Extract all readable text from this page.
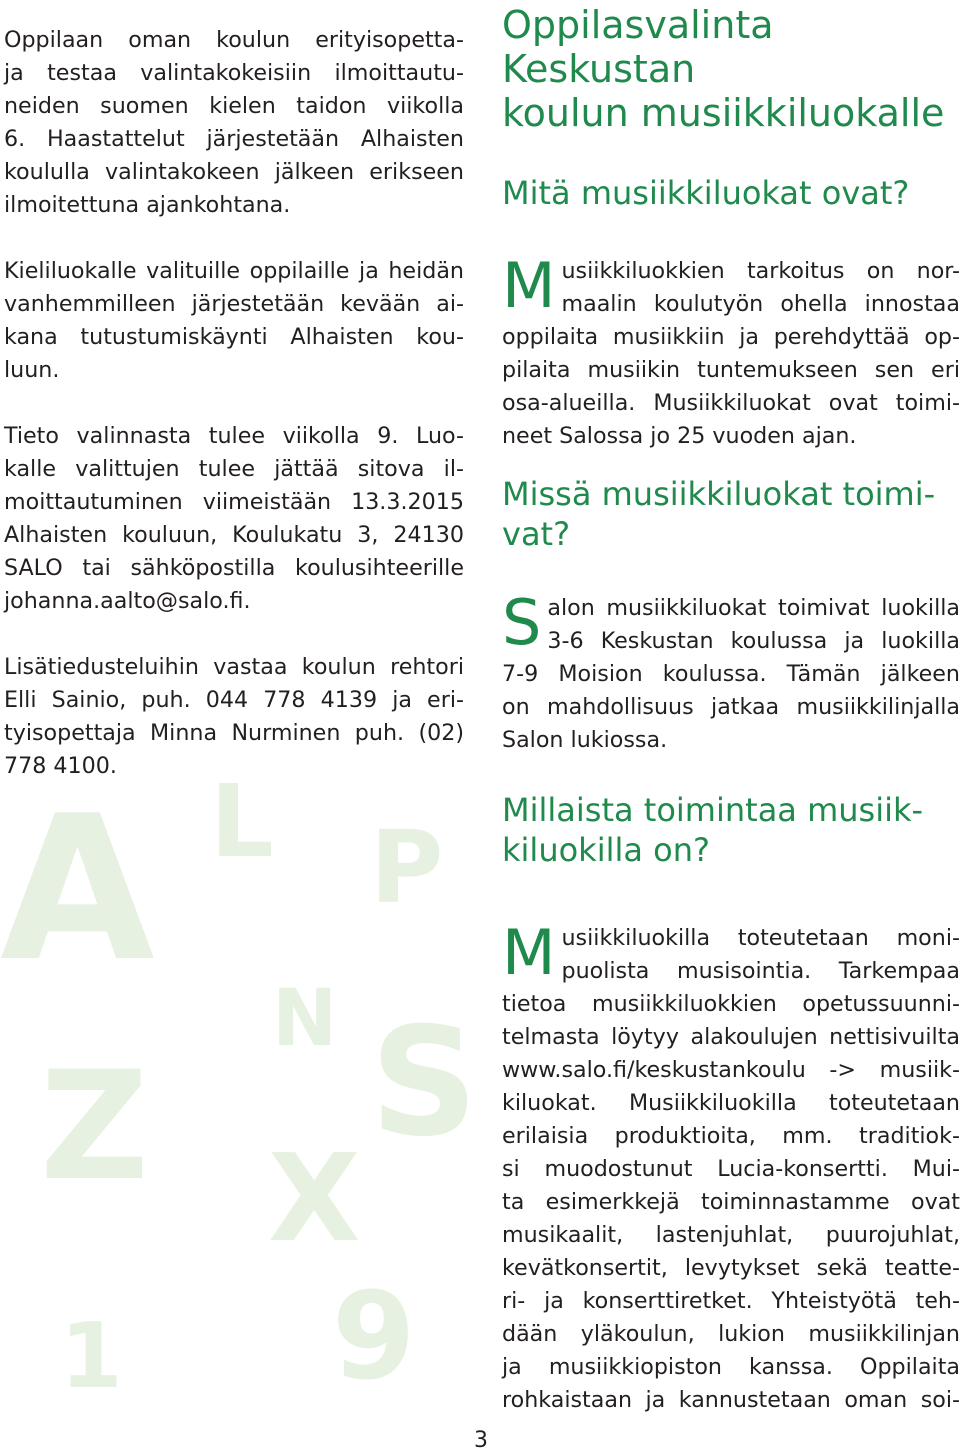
A L P
N S
Z X
9
1
Oppilaan oman koulun erityisopetta-
ja testaa valintakokeisiin ilmoittautu-
neiden suomen kielen taidon viikolla
6. Haastattelut järjestetään Alhaisten
koululla valintakokeen jälkeen erikseen
ilmoitettuna ajankohtana.
Kieliluokalle valituille oppilaille ja heidän
vanhemmilleen järjestetään kevään ai-
kana tutustumiskäynti Alhaisten kou-
luun.
Tieto valinnasta tulee viikolla 9. Luo-
kalle valittujen tulee jättää sitova il-
moittautuminen viimeistään 13.3.2015
Alhaisten kouluun, Koulukatu 3, 24130
SALO tai sähköpostilla koulusihteerille
johanna.aalto@salo.fi.
Lisätiedusteluihin vastaa koulun rehtori
Elli Sainio, puh. 044 778 4139 ja eri-
tyisopettaja Minna Nurminen puh. (02)
778 4100.
Oppilasvalinta Keskustan
koulun musiikkiluokalle
Mitä musiikkiluokat ovat?
M usiikkiluokkien tarkoitus on nor-
maalin koulutyön ohella innostaa
oppilaita musiikkiin ja perehdyttää op-
pilaita musiikin tuntemukseen sen eri
osa-alueilla. Musiikkiluokat ovat toimi-
neet Salossa jo 25 vuoden ajan.
Missä musiikkiluokat toimi-
vat?
S alon musiikkiluokat toimivat luokilla
3-6 Keskustan koulussa ja luokilla
7-9 Moision koulussa. Tämän jälkeen
on mahdollisuus jatkaa musiikkilinjalla
Salon lukiossa.
Millaista toimintaa musiik-
kiluokilla on?
M usiikkiluokilla toteutetaan moni-
puolista musisointia. Tarkempaa
tietoa musiikkiluokkien opetussuunni-
telmasta löytyy alakoulujen nettisivuilta
www.salo.fi/keskustankoulu -> musiik-
kiluokat. Musiikkiluokilla toteutetaan
erilaisia produktioita, mm. traditiok-
si muodostunut Lucia-konsertti. Mui-
ta esimerkkejä toiminnastamme ovat
musikaalit, lastenjuhlat, puurojuhlat,
kevätkonsertit, levytykset sekä teatte-
ri- ja konserttiretket. Yhteistyötä teh-
dään yläkoulun, lukion musiikkilinjan
ja musiikkiopiston kanssa. Oppilaita
rohkaistaan ja kannustetaan oman soi-
3
